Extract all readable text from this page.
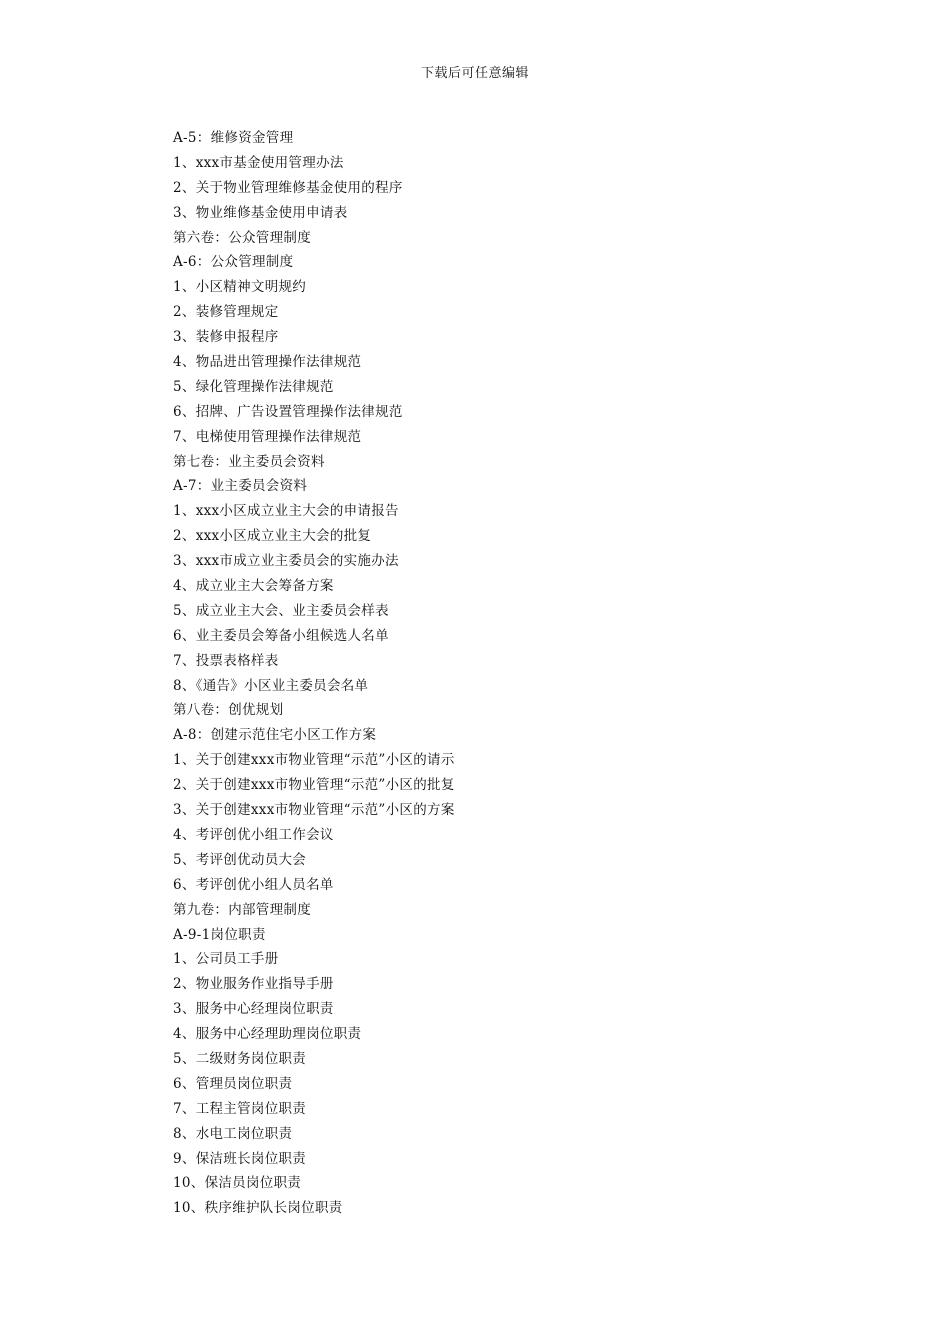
下载后可任意编辑
A-5：维修资金管理
1、xxx市基金使用管理办法
2、关于物业管理维修基金使用的程序
3、物业维修基金使用申请表
第六卷：公众管理制度
A-6：公众管理制度
1、小区精神文明规约
2、装修管理规定
3、装修申报程序
4、物品进出管理操作法律规范
5、绿化管理操作法律规范
6、招牌、广告设置管理操作法律规范
7、电梯使用管理操作法律规范
第七卷：业主委员会资料
A-7：业主委员会资料
1、xxx小区成立业主大会的申请报告
2、xxx小区成立业主大会的批复
3、xxx市成立业主委员会的实施办法
4、成立业主大会筹备方案
5、成立业主大会、业主委员会样表
6、业主委员会筹备小组候选人名单
7、投票表格样表
8、《通告》小区业主委员会名单
第八卷：创优规划
A-8：创建示范住宅小区工作方案
1、关于创建xxx市物业管理“示范”小区的请示
2、关于创建xxx市物业管理“示范”小区的批复
3、关于创建xxx市物业管理“示范”小区的方案
4、考评创优小组工作会议
5、考评创优动员大会
6、考评创优小组人员名单
第九卷：内部管理制度
A-9-1岗位职责
1、公司员工手册
2、物业服务作业指导手册
3、服务中心经理岗位职责
4、服务中心经理助理岗位职责
5、二级财务岗位职责
6、管理员岗位职责
7、工程主管岗位职责
8、水电工岗位职责
9、保洁班长岗位职责
10、保洁员岗位职责
10、秩序维护队长岗位职责
